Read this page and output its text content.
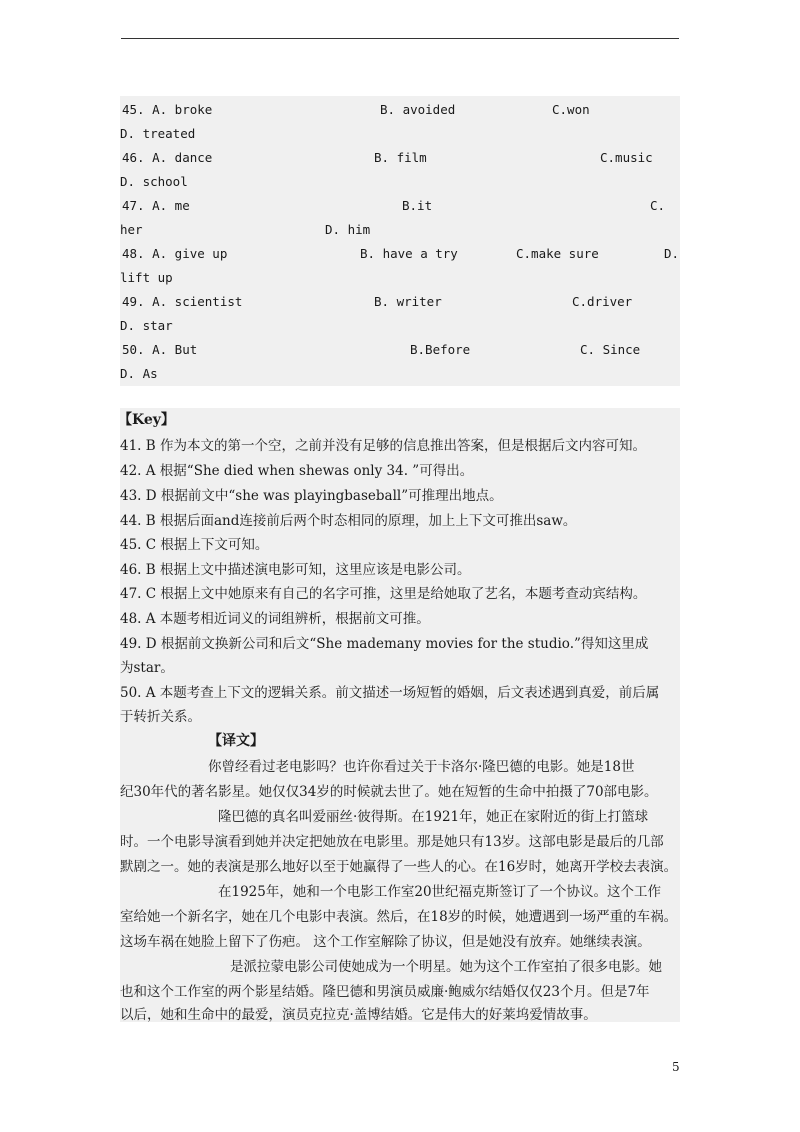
45. A. broke	B. avoided	C.won
D. treated
46. A. dance	B. film	C.music
D. school
47. A. me	B.it	C.
her	D. him
48. A. give up	B. have a try	C.make sure	D.
lift up
49. A. scientist	B. writer	C.driver
D. star
50. A. But	B.Before	C. Since
D. As
【Key】
41. B 作为本文的第一个空，之前并没有足够的信息推出答案，但是根据后文内容可知。
42. A 根据“She died when shewas only 34. ”可得出。
43. D 根据前文中“she was playingbaseball”可推理出地点。
44. B 根据后面and连接前后两个时态相同的原理，加上上下文可推出saw。
45. C 根据上下文可知。
46. B 根据上文中描述演电影可知，这里应该是电影公司。
47. C 根据上文中她原来有自己的名字可推，这里是给她取了艺名，本题考查动宾结构。
48. A 本题考相近词义的词组辨析，根据前文可推。
49. D 根据前文换新公司和后文“She mademany movies for the studio.”得知这里成
为star。
50. A 本题考查上下文的逻辑关系。前文描述一场短暂的婚姻，后文表述遇到真爱，前后属
于转折关系。
【译文】
你曾经看过老电影吗？也许你看过关于卡洛尔·隆巴德的电影。她是18世
纪30年代的著名影星。她仅仅34岁的时候就去世了。她在短暂的生命中拍摄了70部电影。
隆巴德的真名叫爱丽丝·彼得斯。在1921年，她正在家附近的街上打篮球
时。一个电影导演看到她并决定把她放在电影里。那是她只有13岁。这部电影是最后的几部
默剧之一。她的表演是那么地好以至于她赢得了一些人的心。在16岁时，她离开学校去表演。
在1925年，她和一个电影工作室20世纪福克斯签订了一个协议。这个工作
室给她一个新名字，她在几个电影中表演。然后，在18岁的时候，她遭遇到一场严重的车祸。
这场车祸在她脸上留下了伤疤。 这个工作室解除了协议，但是她没有放弃。她继续表演。
是派拉蒙电影公司使她成为一个明星。她为这个工作室拍了很多电影。她
也和这个工作室的两个影星结婚。隆巴德和男演员威廉·鲍威尔结婚仅仅23个月。但是7年
以后，她和生命中的最爱，演员克拉克·盖博结婚。它是伟大的好莱坞爱情故事。
5
